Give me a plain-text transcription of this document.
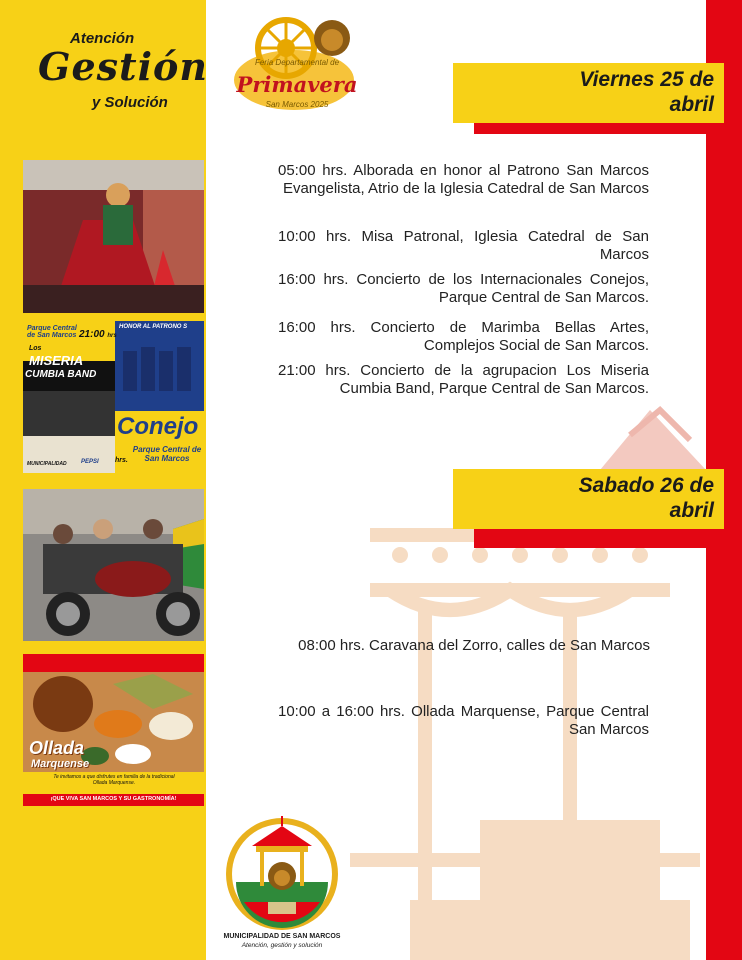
Atención
Gestión
y Solución
Feria Departamental de
Primavera
San Marcos 2025
Viernes 25 de
abril
05:00 hrs. Alborada en honor al Patrono San Marcos Evangelista, Atrio de la Iglesia Catedral de San Marcos
10:00 hrs. Misa Patronal, Iglesia Catedral de San Marcos
16:00 hrs. Concierto de los Internacionales Conejos, Parque Central de San Marcos.
16:00 hrs. Concierto de Marimba Bellas Artes, Complejos Social de San Marcos.
21:00 hrs. Concierto de la agrupacion Los Miseria Cumbia Band, Parque Central de San Marcos.
Sabado 26 de
abril
08:00 hrs. Caravana del Zorro, calles de San Marcos
10:00 a 16:00 hrs. Ollada Marquense, Parque Central San Marcos
Parque Central de San Marcos 21:00 hrs
HONOR AL PATRONO S
Los
MISERIA
CUMBIA BAND
Conejo
Parque Central de San Marcos
MUNICIPALIDAD PEPSI hrs.
Ollada
Marquense
Te invitamos a que disfrutes en familia de la tradicional Ollada Marquense.
¡QUE VIVA SAN MARCOS Y SU GASTRONOMÍA!
MUNICIPALIDAD DE SAN MARCOS
Atención, gestión y solución
